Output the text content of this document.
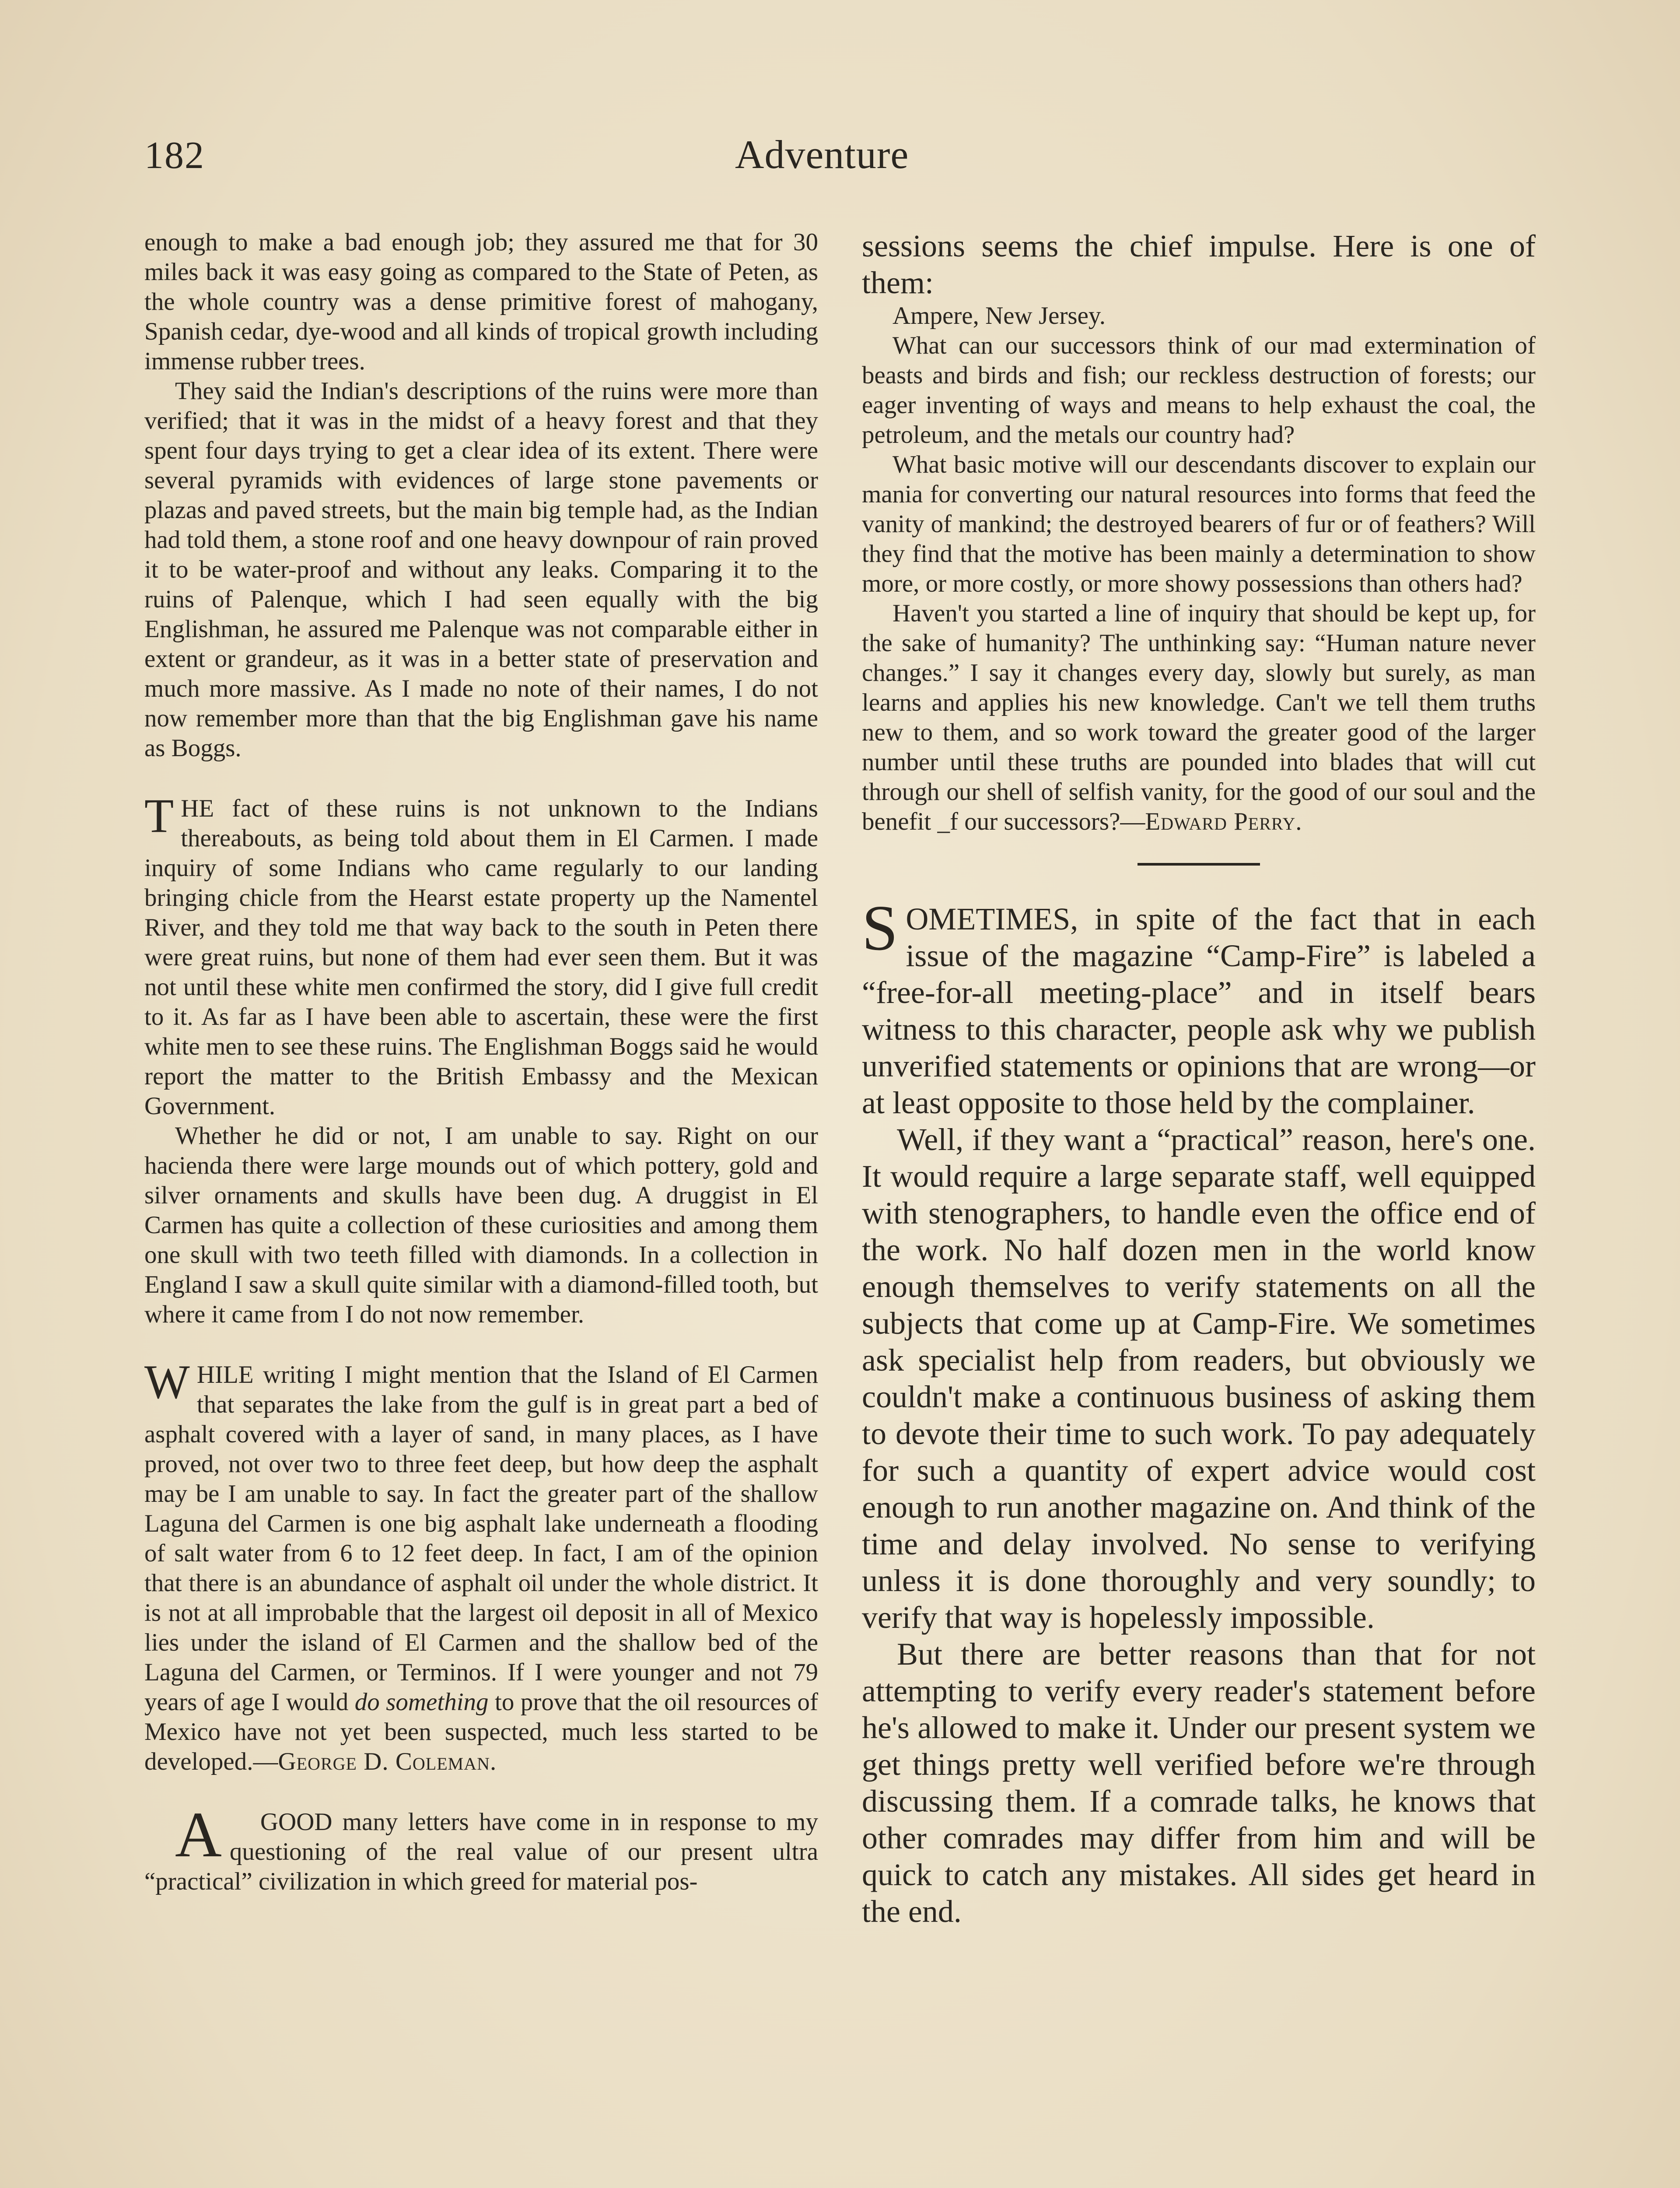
182	Adventure

enough to make a bad enough job; they assured me that for 30 miles back it was easy going as compared to the State of Peten, as the whole country was a dense primitive forest of mahogany, Spanish cedar, dye-wood and all kinds of tropical growth including immense rubber trees.

They said the Indian's descriptions of the ruins were more than verified; that it was in the midst of a heavy forest and that they spent four days trying to get a clear idea of its extent. There were several pyramids with evidences of large stone pavements or plazas and paved streets, but the main big temple had, as the Indian had told them, a stone roof and one heavy downpour of rain proved it to be water-proof and without any leaks. Comparing it to the ruins of Palenque, which I had seen equally with the big Englishman, he assured me Palenque was not comparable either in extent or grandeur, as it was in a better state of preservation and much more massive. As I made no note of their names, I do not now remember more than that the big Englishman gave his name as Boggs.

THE fact of these ruins is not unknown to the Indians thereabouts, as being told about them in El Carmen. I made inquiry of some Indians who came regularly to our landing bringing chicle from the Hearst estate property up the Namentel River, and they told me that way back to the south in Peten there were great ruins, but none of them had ever seen them. But it was not until these white men confirmed the story, did I give full credit to it. As far as I have been able to ascertain, these were the first white men to see these ruins. The Englishman Boggs said he would report the matter to the British Embassy and the Mexican Government.

Whether he did or not, I am unable to say. Right on our hacienda there were large mounds out of which pottery, gold and silver ornaments and skulls have been dug. A druggist in El Carmen has quite a collection of these curiosities and among them one skull with two teeth filled with diamonds. In a collection in England I saw a skull quite similar with a diamond-filled tooth, but where it came from I do not now remember.

WHILE writing I might mention that the Island of El Carmen that separates the lake from the gulf is in great part a bed of asphalt covered with a layer of sand, in many places, as I have proved, not over two to three feet deep, but how deep the asphalt may be I am unable to say. In fact the greater part of the shallow Laguna del Carmen is one big asphalt lake underneath a flooding of salt water from 6 to 12 feet deep. In fact, I am of the opinion that there is an abundance of asphalt oil under the whole district. It is not at all improbable that the largest oil deposit in all of Mexico lies under the island of El Carmen and the shallow bed of the Laguna del Carmen, or Terminos. If I were younger and not 79 years of age I would do something to prove that the oil resources of Mexico have not yet been suspected, much less started to be developed.—George D. Coleman.

A GOOD many letters have come in in response to my questioning of the real value of our present ultra “practical” civilization in which greed for material pos-

sessions seems the chief impulse. Here is one of them:

Ampere, New Jersey.

What can our successors think of our mad extermination of beasts and birds and fish; our reckless destruction of forests; our eager inventing of ways and means to help exhaust the coal, the petroleum, and the metals our country had?

What basic motive will our descendants discover to explain our mania for converting our natural resources into forms that feed the vanity of mankind; the destroyed bearers of fur or of feathers? Will they find that the motive has been mainly a determination to show more, or more costly, or more showy possessions than others had?

Haven't you started a line of inquiry that should be kept up, for the sake of humanity? The unthinking say: “Human nature never changes.” I say it changes every day, slowly but surely, as man learns and applies his new knowledge. Can't we tell them truths new to them, and so work toward the greater good of the larger number until these truths are pounded into blades that will cut through our shell of selfish vanity, for the good of our soul and the benefit _f our successors?—Edward Perry.

SOMETIMES, in spite of the fact that in each issue of the magazine “Camp-Fire” is labeled a “free-for-all meeting-place” and in itself bears witness to this character, people ask why we publish unverified statements or opinions that are wrong—or at least opposite to those held by the complainer.

Well, if they want a “practical” reason, here's one. It would require a large separate staff, well equipped with stenographers, to handle even the office end of the work. No half dozen men in the world know enough themselves to verify statements on all the subjects that come up at Camp-Fire. We sometimes ask specialist help from readers, but obviously we couldn't make a continuous business of asking them to devote their time to such work. To pay adequately for such a quantity of expert advice would cost enough to run another magazine on. And think of the time and delay involved. No sense to verifying unless it is done thoroughly and very soundly; to verify that way is hopelessly impossible.

But there are better reasons than that for not attempting to verify every reader's statement before he's allowed to make it. Under our present system we get things pretty well verified before we're through discussing them. If a comrade talks, he knows that other comrades may differ from him and will be quick to catch any mistakes. All sides get heard in the end.
